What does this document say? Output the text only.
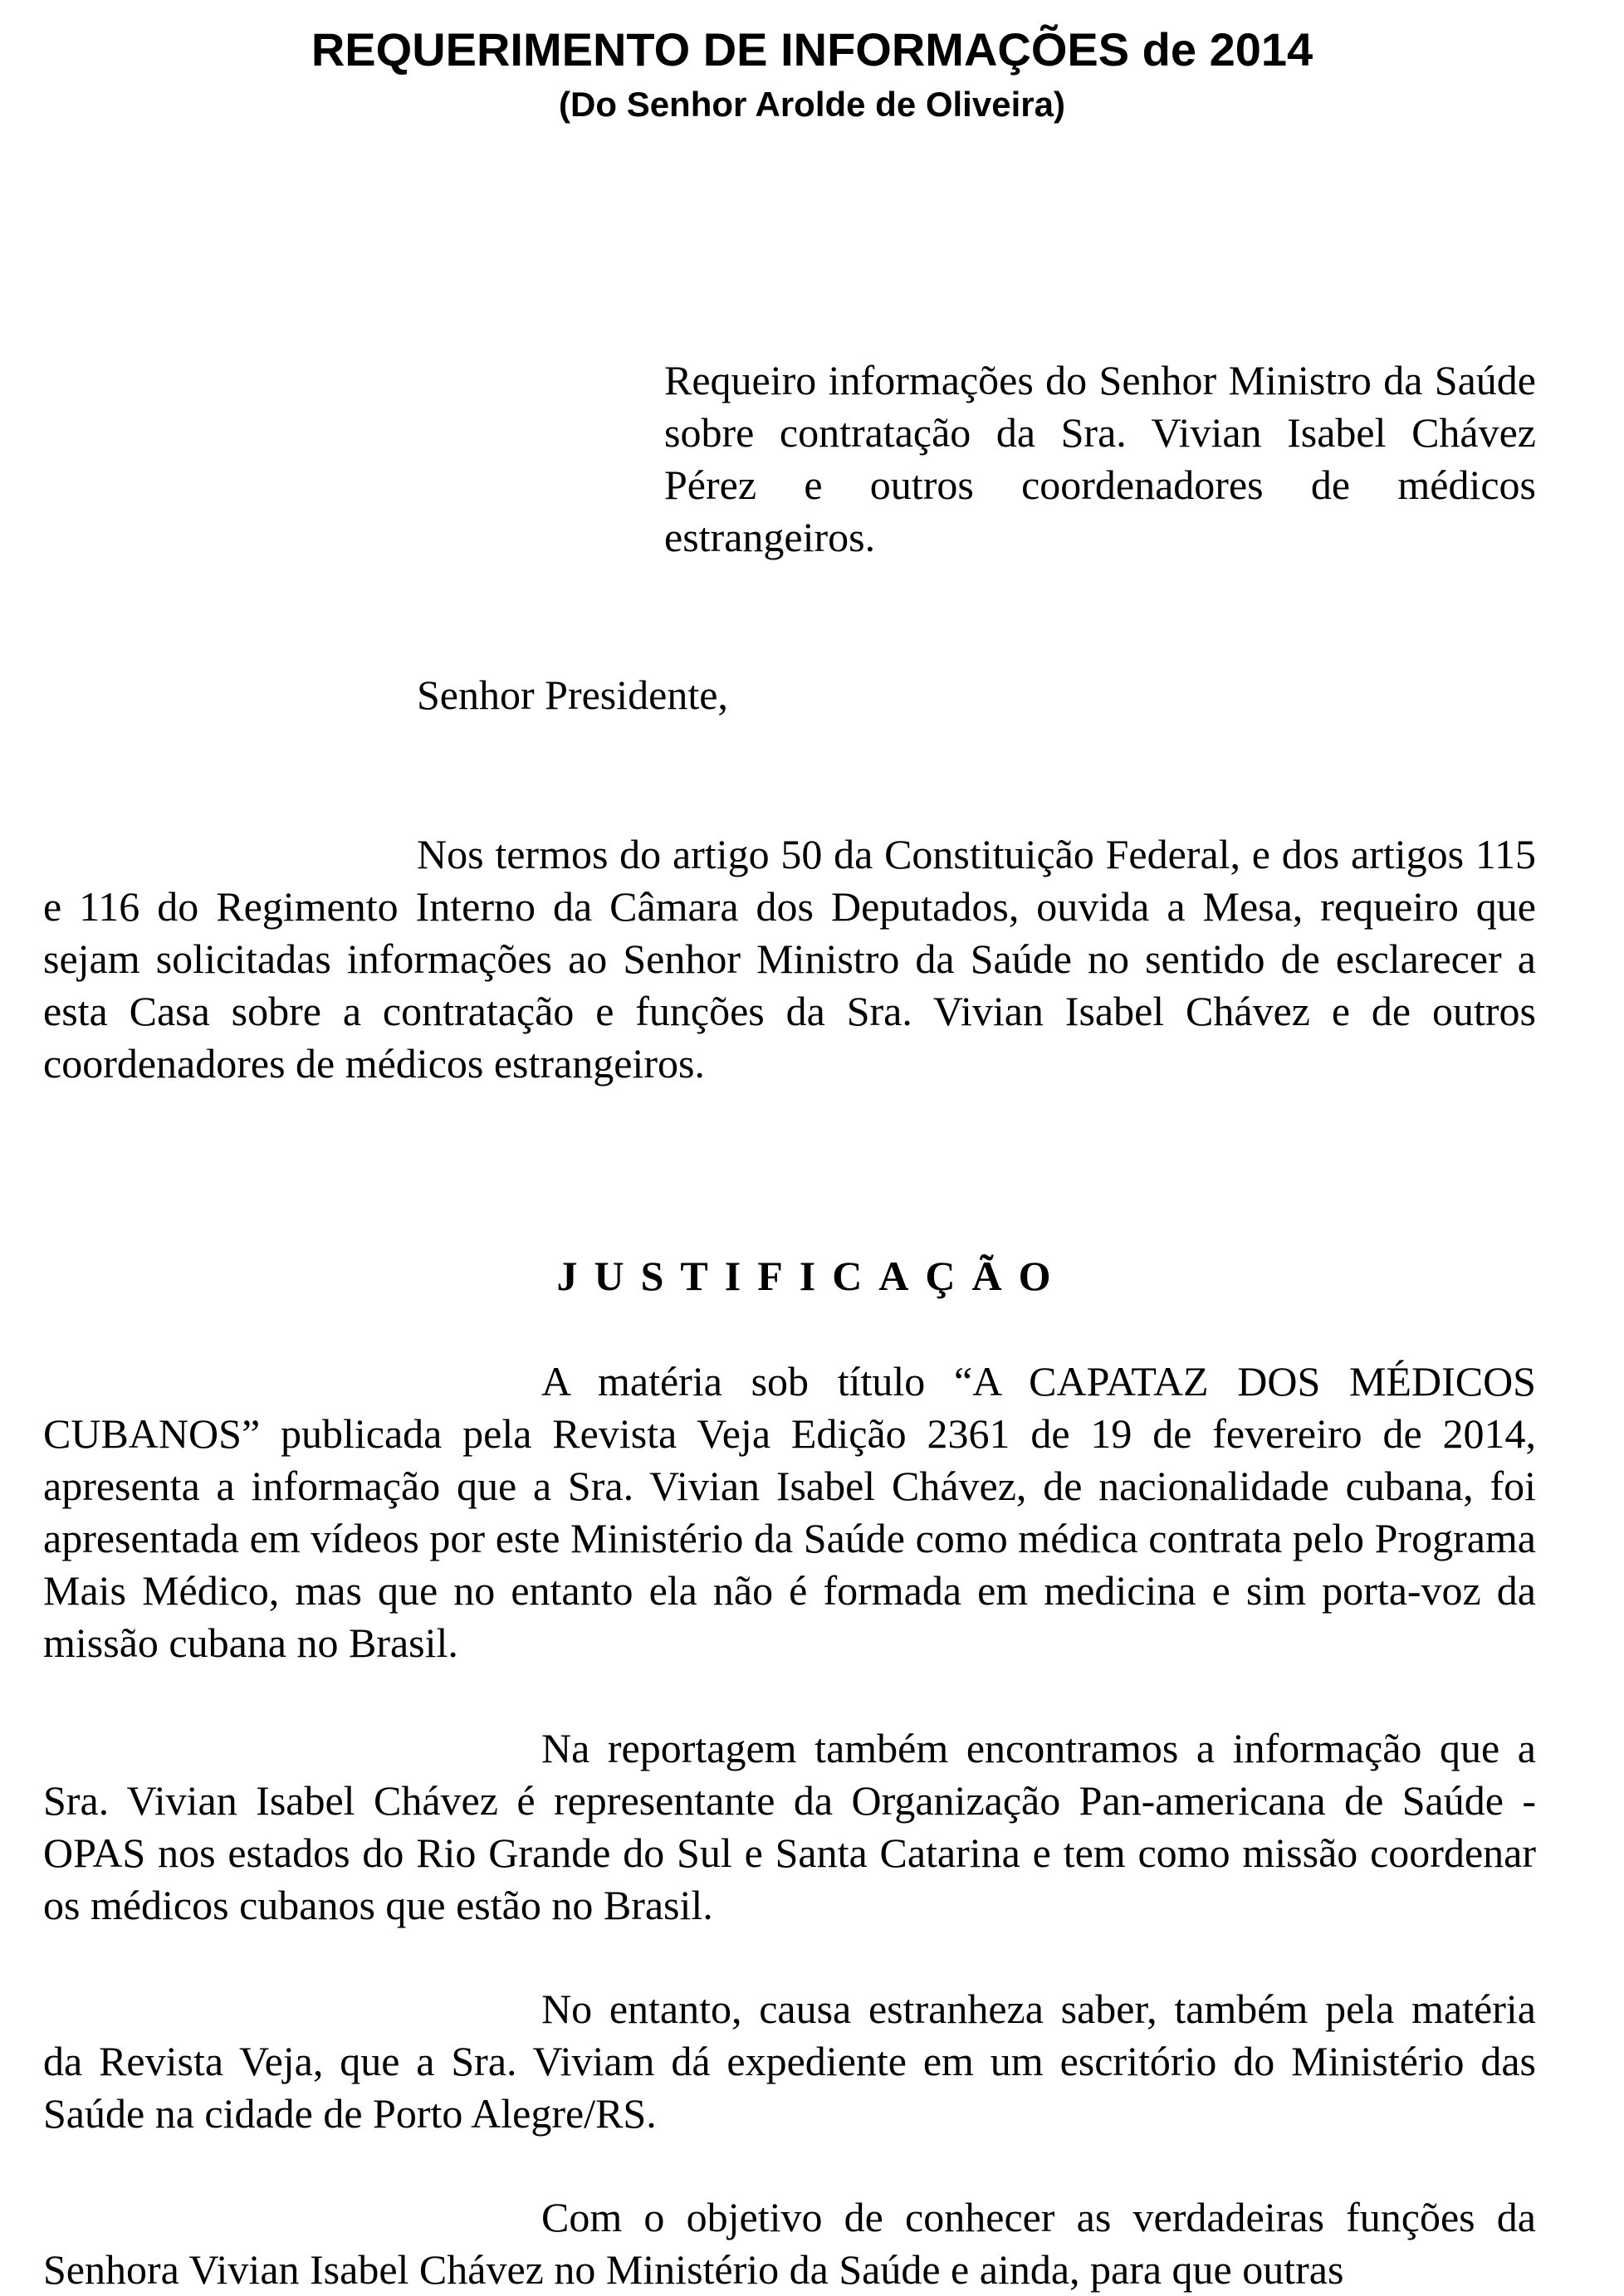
REQUERIMENTO DE INFORMAÇÕES de 2014
(Do Senhor Arolde de Oliveira)
Requeiro informações do Senhor Ministro da Saúde sobre contratação da Sra. Vivian Isabel Chávez Pérez e outros coordenadores de médicos estrangeiros.
Senhor Presidente,

Nos termos do artigo 50 da Constituição Federal, e dos artigos 115 e 116 do Regimento Interno da Câmara dos Deputados, ouvida a Mesa, requeiro que sejam solicitadas informações ao Senhor Ministro da Saúde no sentido de esclarecer a esta Casa sobre a contratação e funções da Sra. Vivian Isabel Chávez e de outros coordenadores de médicos estrangeiros.

JUSTIFICAÇÃO

A matéria sob título “A CAPATAZ DOS MÉDICOS CUBANOS” publicada pela Revista Veja Edição 2361 de 19 de fevereiro de 2014, apresenta a informação que a Sra. Vivian Isabel Chávez, de nacionalidade cubana, foi apresentada em vídeos por este Ministério da Saúde como médica contrata pelo Programa Mais Médico, mas que no entanto ela não é formada em medicina e sim porta-voz da missão cubana no Brasil.

Na reportagem também encontramos a informação que a Sra. Vivian Isabel Chávez é representante da Organização Pan-americana de Saúde - OPAS nos estados do Rio Grande do Sul e Santa Catarina e tem como missão coordenar os médicos cubanos que estão no Brasil.

No entanto, causa estranheza saber, também pela matéria da Revista Veja, que a Sra. Viviam dá expediente em um escritório do Ministério das Saúde na cidade de Porto Alegre/RS.

Com o objetivo de conhecer as verdadeiras funções da Senhora Vivian Isabel Chávez no Ministério da Saúde e ainda, para que outras
